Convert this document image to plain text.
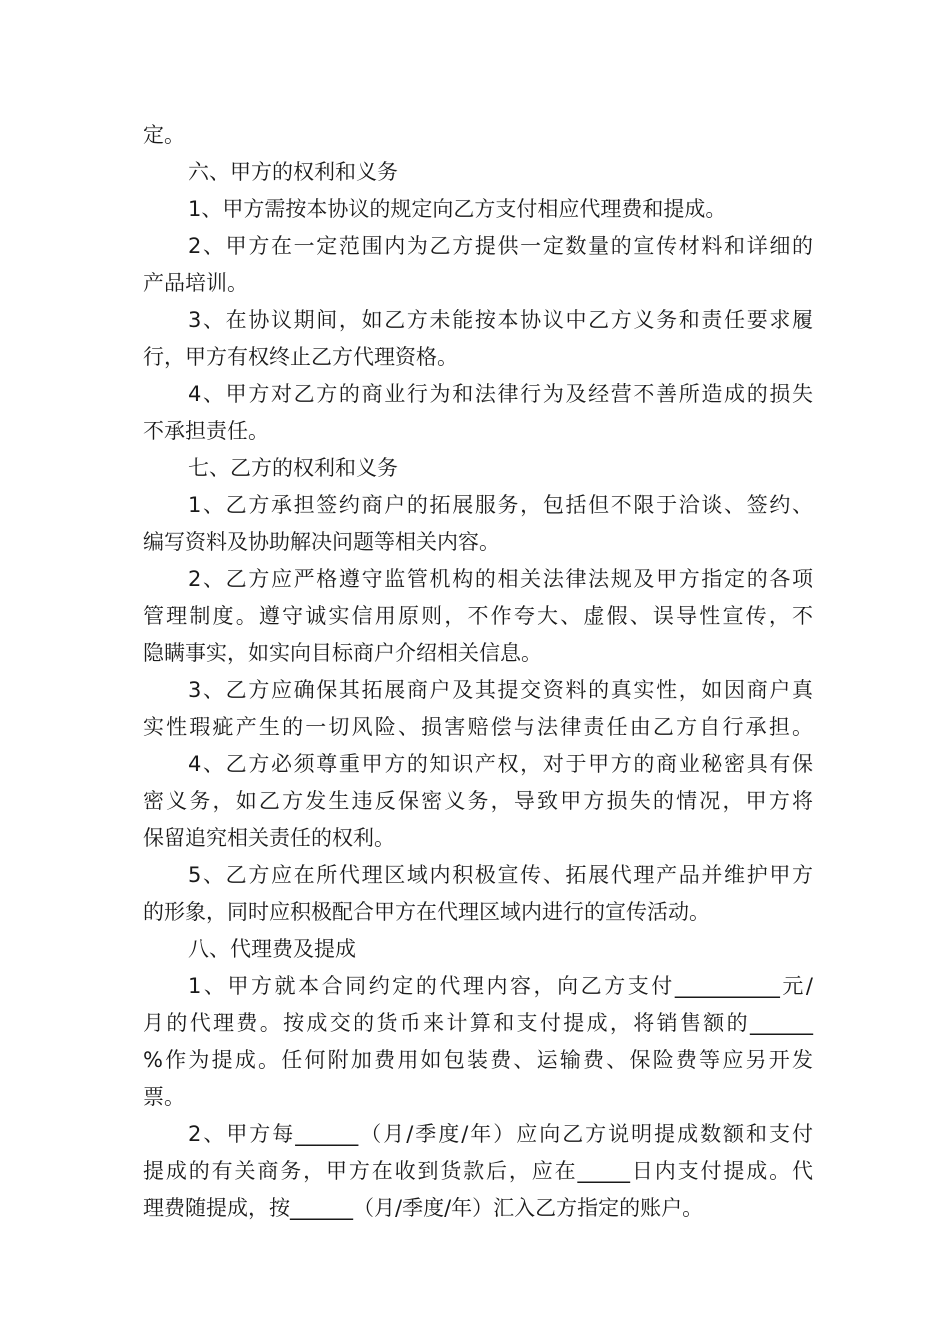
定。
六、甲方的权利和义务
1、甲方需按本协议的规定向乙方支付相应代理费和提成。
2、甲方在一定范围内为乙方提供一定数量的宣传材料和详细的
产品培训。
3、在协议期间，如乙方未能按本协议中乙方义务和责任要求履
行，甲方有权终止乙方代理资格。
4、甲方对乙方的商业行为和法律行为及经营不善所造成的损失
不承担责任。
七、乙方的权利和义务
1、乙方承担签约商户的拓展服务，包括但不限于洽谈、签约、
编写资料及协助解决问题等相关内容。
2、乙方应严格遵守监管机构的相关法律法规及甲方指定的各项
管理制度。遵守诚实信用原则，不作夸大、虚假、误导性宣传，不
隐瞒事实，如实向目标商户介绍相关信息。
3、乙方应确保其拓展商户及其提交资料的真实性，如因商户真
实性瑕疵产生的一切风险、损害赔偿与法律责任由乙方自行承担。
4、乙方必须尊重甲方的知识产权，对于甲方的商业秘密具有保
密义务，如乙方发生违反保密义务，导致甲方损失的情况，甲方将
保留追究相关责任的权利。
5、乙方应在所代理区域内积极宣传、拓展代理产品并维护甲方
的形象，同时应积极配合甲方在代理区域内进行的宣传活动。
八、代理费及提成
1、甲方就本合同约定的代理内容，向乙方支付__________元/
月的代理费。按成交的货币来计算和支付提成，将销售额的______
%作为提成。任何附加费用如包装费、运输费、保险费等应另开发
票。
2、甲方每______（月/季度/年）应向乙方说明提成数额和支付
提成的有关商务，甲方在收到货款后，应在_____日内支付提成。代
理费随提成，按______（月/季度/年）汇入乙方指定的账户。
